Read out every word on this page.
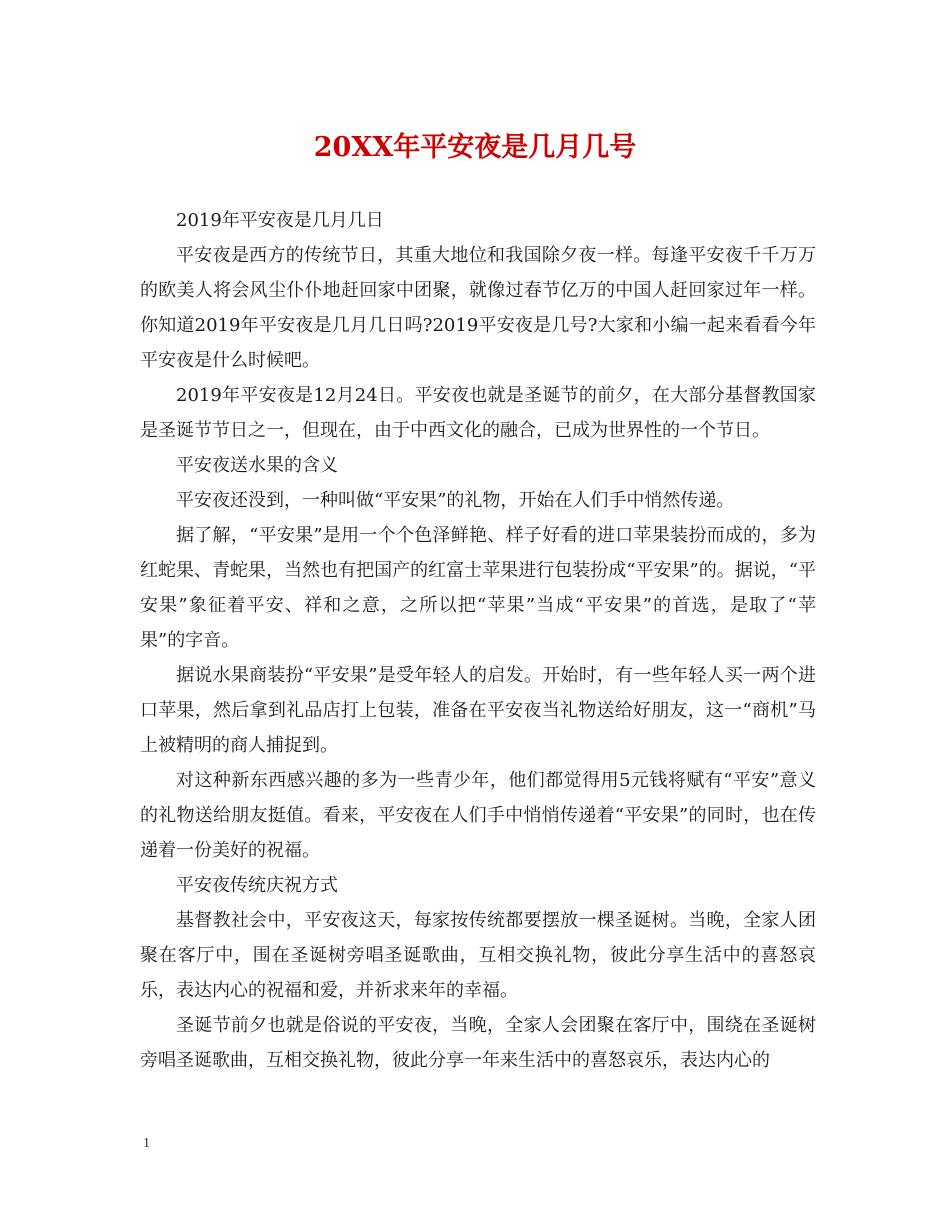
20XX年平安夜是几月几号

2019年平安夜是几月几日

平安夜是西方的传统节日，其重大地位和我国除夕夜一样。每逢平安夜千千万万的欧美人将会风尘仆仆地赶回家中团聚，就像过春节亿万的中国人赶回家过年一样。你知道2019年平安夜是几月几日吗?2019平安夜是几号?大家和小编一起来看看今年平安夜是什么时候吧。

2019年平安夜是12月24日。平安夜也就是圣诞节的前夕，在大部分基督教国家是圣诞节节日之一，但现在，由于中西文化的融合，已成为世界性的一个节日。

平安夜送水果的含义

平安夜还没到，一种叫做“平安果”的礼物，开始在人们手中悄然传递。

据了解，“平安果”是用一个个色泽鲜艳、样子好看的进口苹果装扮而成的，多为红蛇果、青蛇果，当然也有把国产的红富士苹果进行包装扮成“平安果”的。据说，“平安果”象征着平安、祥和之意，之所以把“苹果”当成“平安果”的首选，是取了“苹果”的字音。

据说水果商装扮“平安果”是受年轻人的启发。开始时，有一些年轻人买一两个进口苹果，然后拿到礼品店打上包装，准备在平安夜当礼物送给好朋友，这一“商机”马上被精明的商人捕捉到。

对这种新东西感兴趣的多为一些青少年，他们都觉得用5元钱将赋有“平安”意义的礼物送给朋友挺值。看来，平安夜在人们手中悄悄传递着“平安果”的同时，也在传递着一份美好的祝福。

平安夜传统庆祝方式

基督教社会中，平安夜这天，每家按传统都要摆放一棵圣诞树。当晚，全家人团聚在客厅中，围在圣诞树旁唱圣诞歌曲，互相交换礼物，彼此分享生活中的喜怒哀乐，表达内心的祝福和爱，并祈求来年的幸福。

圣诞节前夕也就是俗说的平安夜，当晚，全家人会团聚在客厅中，围绕在圣诞树旁唱圣诞歌曲，互相交换礼物，彼此分享一年来生活中的喜怒哀乐，表达内心的

1
